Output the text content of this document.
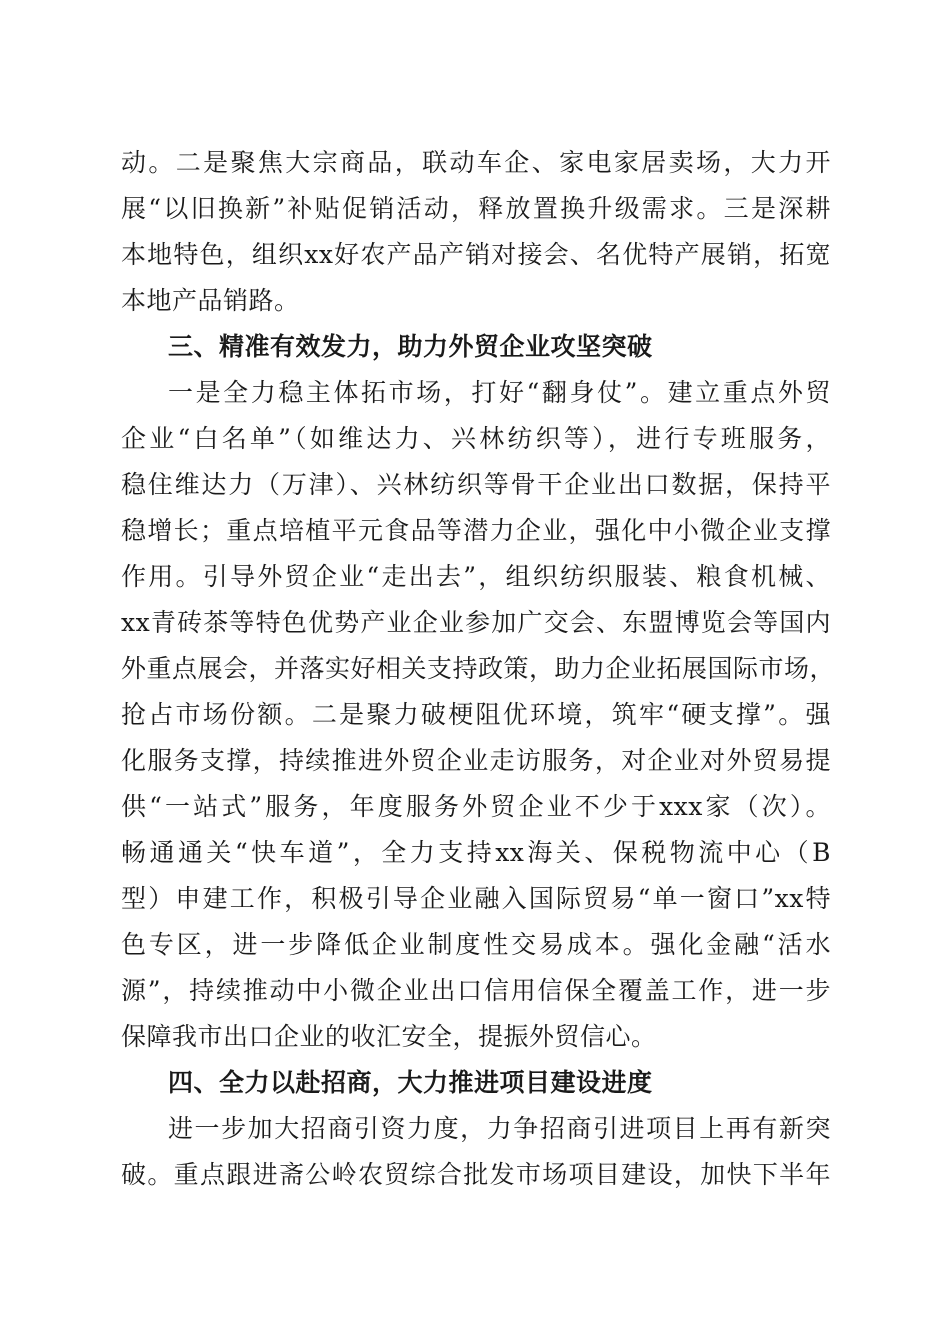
动。二是聚焦大宗商品，联动车企、家电家居卖场，大力开
展“以旧换新”补贴促销活动，释放置换升级需求。三是深耕
本地特色，组织xx好农产品产销对接会、名优特产展销，拓宽
本地产品销路。
三、精准有效发力，助力外贸企业攻坚突破
一是全力稳主体拓市场，打好“翻身仗”。建立重点外贸
企业“白名单”（如维达力、兴林纺织等），进行专班服务，
稳住维达力（万津）、兴林纺织等骨干企业出口数据，保持平
稳增长；重点培植平元食品等潜力企业，强化中小微企业支撑
作用。引导外贸企业“走出去”，组织纺织服装、粮食机械、
xx青砖茶等特色优势产业企业参加广交会、东盟博览会等国内
外重点展会，并落实好相关支持政策，助力企业拓展国际市场，
抢占市场份额。二是聚力破梗阻优环境，筑牢“硬支撑”。强
化服务支撑，持续推进外贸企业走访服务，对企业对外贸易提
供“一站式”服务，年度服务外贸企业不少于xxx家（次）。
畅通通关“快车道”，全力支持xx海关、保税物流中心（B
型）申建工作，积极引导企业融入国际贸易“单一窗口”xx特
色专区，进一步降低企业制度性交易成本。强化金融“活水
源”，持续推动中小微企业出口信用信保全覆盖工作，进一步
保障我市出口企业的收汇安全，提振外贸信心。
四、全力以赴招商，大力推进项目建设进度
进一步加大招商引资力度，力争招商引进项目上再有新突
破。重点跟进斋公岭农贸综合批发市场项目建设，加快下半年
